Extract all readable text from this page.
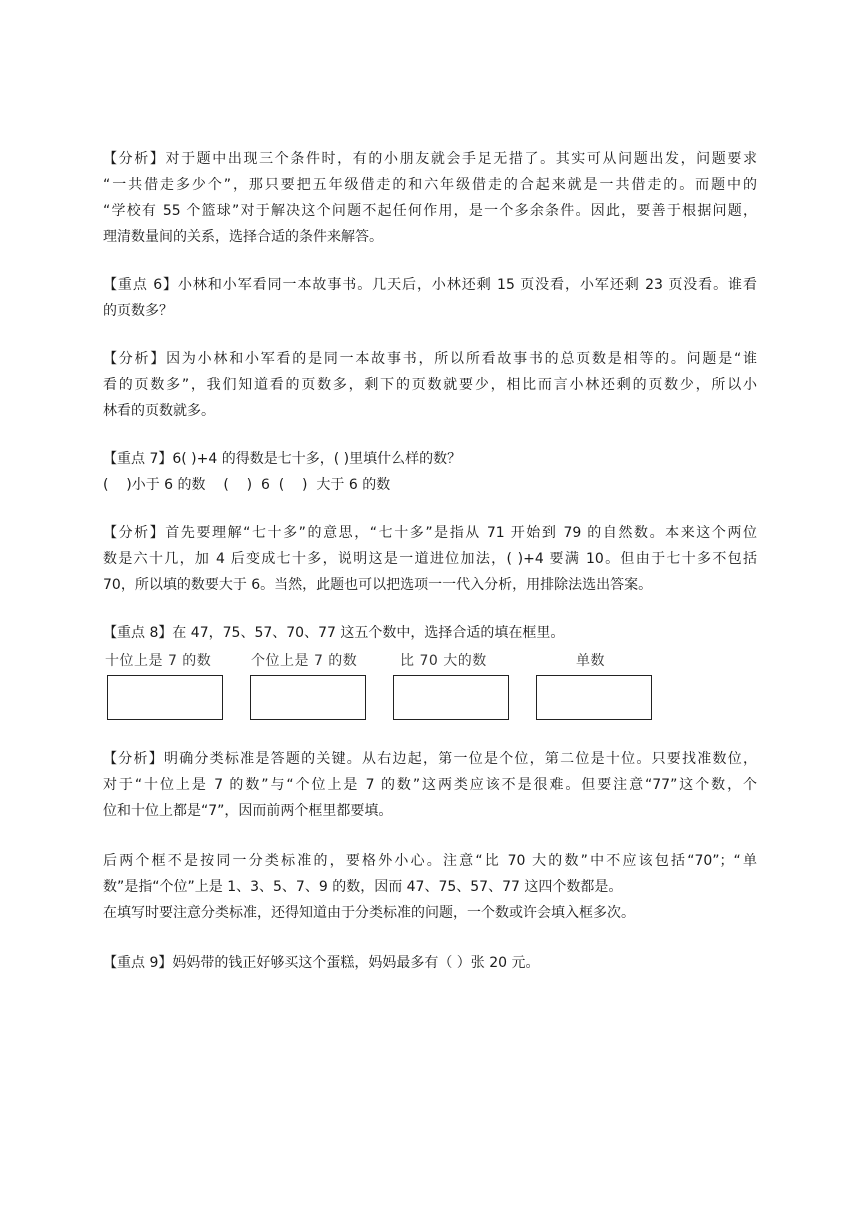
【分析】对于题中出现三个条件时，有的小朋友就会手足无措了。其实可从问题出发，问题要求
“一共借走多少个”，那只要把五年级借走的和六年级借走的合起来就是一共借走的。而题中的
“学校有 55 个篮球”对于解决这个问题不起任何作用，是一个多余条件。因此，要善于根据问题，
理清数量间的关系，选择合适的条件来解答。

【重点 6】小林和小军看同一本故事书。几天后，小林还剩 15 页没看，小军还剩 23 页没看。谁看
的页数多？

【分析】因为小林和小军看的是同一本故事书，所以所看故事书的总页数是相等的。问题是“谁
看的页数多”，我们知道看的页数多，剩下的页数就要少，相比而言小林还剩的页数少，所以小
林看的页数就多。

【重点 7】6( )+4 的得数是七十多，( )里填什么样的数？
(    )小于 6 的数    (    )  6  (    )  大于 6 的数

【分析】首先要理解“七十多”的意思，“七十多”是指从 71 开始到 79 的自然数。本来这个两位
数是六十几，加 4 后变成七十多，说明这是一道进位加法，( )+4 要满 10。但由于七十多不包括
70，所以填的数要大于 6。当然，此题也可以把选项一一代入分析，用排除法选出答案。

【重点 8】在 47，75、57、70、77 这五个数中，选择合适的填在框里。

十位上是 7 的数	个位上是 7 的数	比 70 大的数	单数

【分析】明确分类标准是答题的关键。从右边起，第一位是个位，第二位是十位。只要找准数位，
对于“十位上是 7 的数”与“个位上是 7 的数”这两类应该不是很难。但要注意“77”这个数，个
位和十位上都是“7”，因而前两个框里都要填。

后两个框不是按同一分类标准的，要格外小心。注意“比 70 大的数”中不应该包括“70”；“单
数”是指“个位”上是 1、3、5、7、9 的数，因而 47、75、57、77 这四个数都是。
在填写时要注意分类标准，还得知道由于分类标准的问题，一个数或许会填入框多次。

【重点 9】妈妈带的钱正好够买这个蛋糕，妈妈最多有（ ）张 20 元。
